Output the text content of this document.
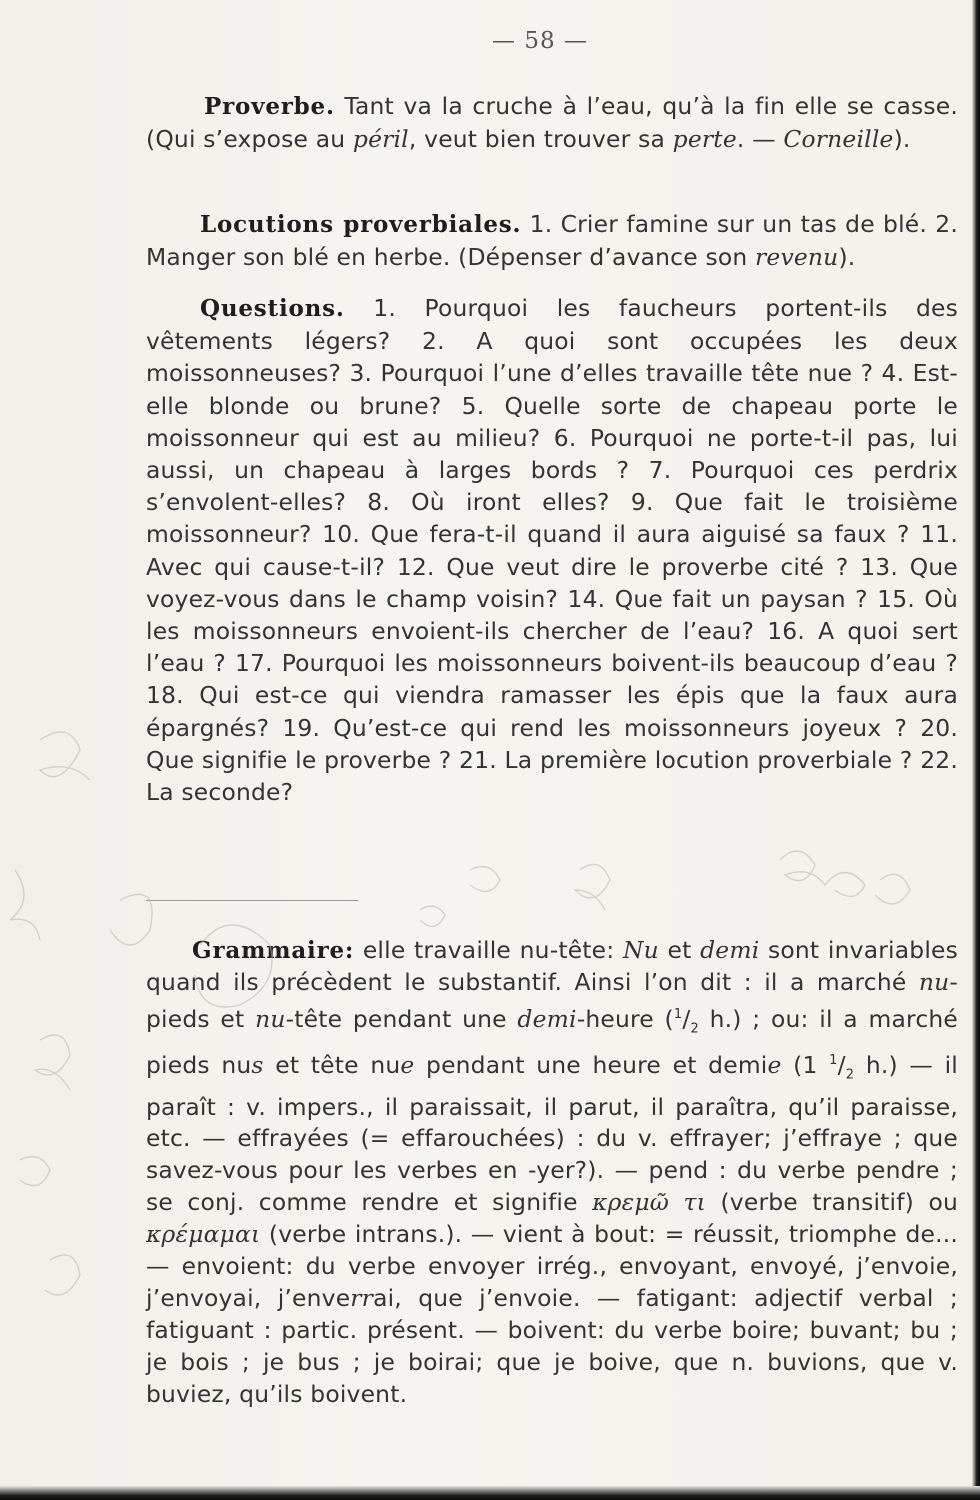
— 58 —

Proverbe. Tant va la cruche à l’eau, qu’à la fin elle se casse. (Qui s’expose au péril, veut bien trouver sa perte. — Corneille).

Locutions proverbiales. 1. Crier famine sur un tas de blé. 2. Manger son blé en herbe. (Dépenser d’avance son revenu).

Questions. 1. Pourquoi les faucheurs portent-ils des vêtements légers? 2. A quoi sont occupées les deux moissonneuses? 3. Pourquoi l’une d’elles travaille tête nue ? 4. Est-elle blonde ou brune? 5. Quelle sorte de chapeau porte le moissonneur qui est au milieu? 6. Pourquoi ne porte-t-il pas, lui aussi, un chapeau à larges bords ? 7. Pourquoi ces perdrix s’envolent-elles? 8. Où iront elles? 9. Que fait le troisième moissonneur? 10. Que fera-t-il quand il aura aiguisé sa faux ? 11. Avec qui cause-t-il? 12. Que veut dire le proverbe cité ? 13. Que voyez-vous dans le champ voisin? 14. Que fait un paysan ? 15. Où les moissonneurs envoient-ils chercher de l’eau? 16. A quoi sert l’eau ? 17. Pourquoi les moissonneurs boivent-ils beaucoup d’eau ? 18. Qui est-ce qui viendra ramasser les épis que la faux aura épargnés? 19. Qu’est-ce qui rend les moissonneurs joyeux ? 20. Que signifie le proverbe ? 21. La première locution proverbiale ? 22. La seconde?

Grammaire: elle travaille nu-tête: Nu et demi sont invariables quand ils précèdent le substantif. Ainsi l’on dit : il a marché nu-pieds et nu-tête pendant une demi-heure ($^1/_2$ h.) ; ou: il a marché pieds nus et tête nue pendant une heure et demie (1 $^1/_2$ h.) — il paraît : v. impers., il paraissait, il parut, il paraîtra, qu’il paraisse, etc. — effrayées (= effarouchées) : du v. effrayer; j’effraye ; que savez-vous pour les verbes en -yer?). — pend : du verbe pendre ; se conj. comme rendre et signifie κρεμῶ τι (verbe transitif) ou κρέμαμαι (verbe intrans.). — vient à bout: = réussit, triomphe de... — envoient: du verbe envoyer irrég., envoyant, envoyé, j’envoie, j’envoyai, j’enverrai, que j’envoie. — fatigant: adjectif verbal ; fatiguant : partic. présent. — boivent: du verbe boire; buvant; bu ; je bois ; je bus ; je boirai; que je boive, que n. buvions, que v. buviez, qu’ils boivent.
